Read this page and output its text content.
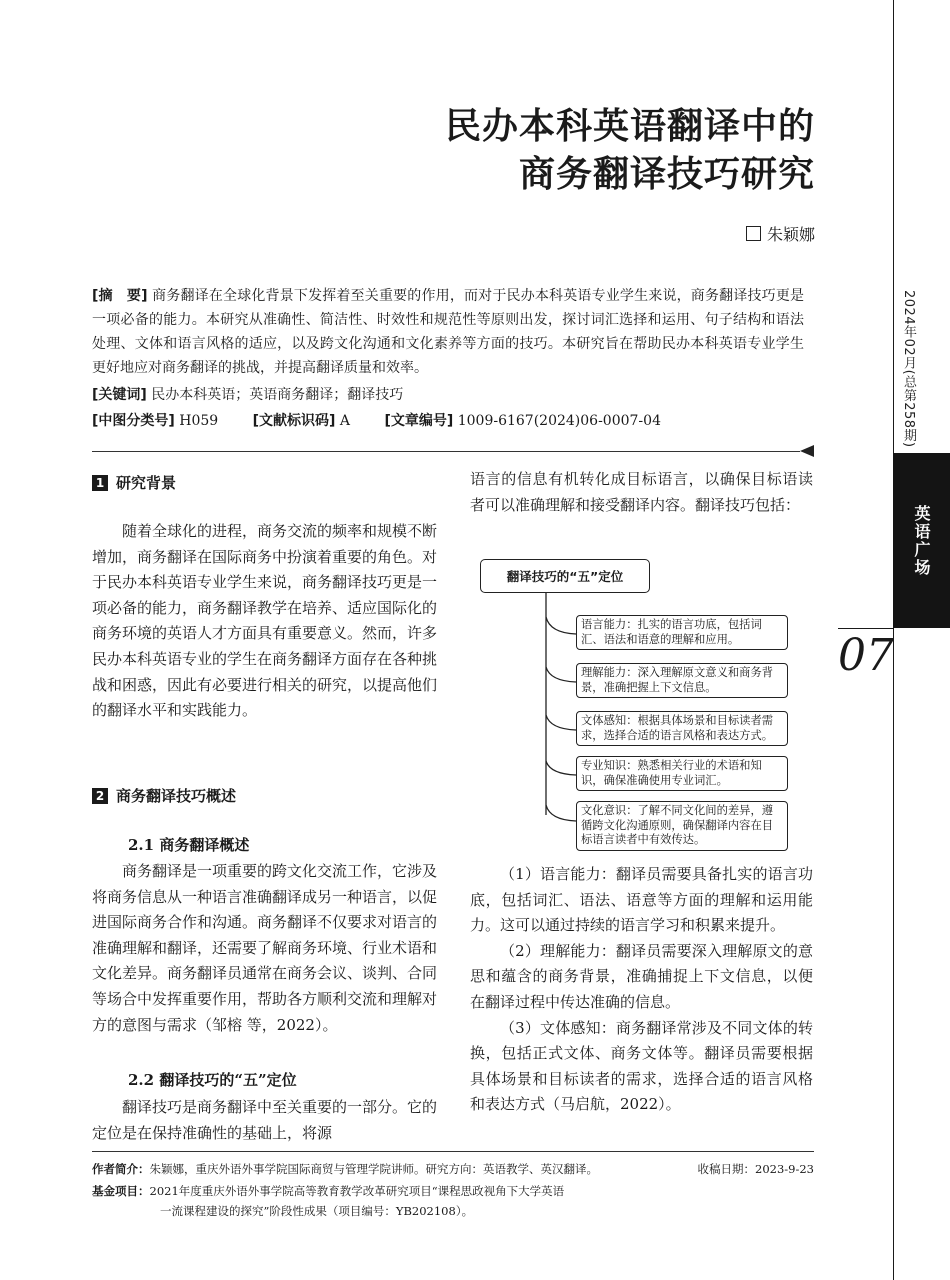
2024年02月(总第258期)
英语广场
07
民办本科英语翻译中的
商务翻译技巧研究
朱颖娜
[摘　要] 商务翻译在全球化背景下发挥着至关重要的作用，而对于民办本科英语专业学生来说，商务翻译技巧更是一项必备的能力。本研究从准确性、简洁性、时效性和规范性等原则出发，探讨词汇选择和运用、句子结构和语法处理、文体和语言风格的适应，以及跨文化沟通和文化素养等方面的技巧。本研究旨在帮助民办本科英语专业学生更好地应对商务翻译的挑战，并提高翻译质量和效率。
[关键词] 民办本科英语；英语商务翻译；翻译技巧
[中图分类号] H059 [文献标识码] A [文章编号] 1009-6167(2024)06-0007-04
1 研究背景

随着全球化的进程，商务交流的频率和规模不断增加，商务翻译在国际商务中扮演着重要的角色。对于民办本科英语专业学生来说，商务翻译技巧更是一项必备的能力，商务翻译教学在培养、适应国际化的商务环境的英语人才方面具有重要意义。然而，许多民办本科英语专业的学生在商务翻译方面存在各种挑战和困惑，因此有必要进行相关的研究，以提高他们的翻译水平和实践能力。

2 商务翻译技巧概述
2.1 商务翻译概述

商务翻译是一项重要的跨文化交流工作，它涉及将商务信息从一种语言准确翻译成另一种语言，以促进国际商务合作和沟通。商务翻译不仅要求对语言的准确理解和翻译，还需要了解商务环境、行业术语和文化差异。商务翻译员通常在商务会议、谈判、合同等场合中发挥重要作用，帮助各方顺利交流和理解对方的意图与需求（邹榕 等，2022）。

2.2 翻译技巧的“五”定位

翻译技巧是商务翻译中至关重要的一部分。它的定位是在保持准确性的基础上，将源

语言的信息有机转化成目标语言，以确保目标语读者可以准确理解和接受翻译内容。翻译技巧包括：

翻译技巧的“五”定位
语言能力：扎实的语言功底，包括词汇、语法和语意的理解和应用。
理解能力：深入理解原文意义和商务背景，准确把握上下文信息。
文体感知：根据具体场景和目标读者需求，选择合适的语言风格和表达方式。
专业知识：熟悉相关行业的术语和知识，确保准确使用专业词汇。
文化意识：了解不同文化间的差异，遵循跨文化沟通原则，确保翻译内容在目标语言读者中有效传达。

（1）语言能力：翻译员需要具备扎实的语言功底，包括词汇、语法、语意等方面的理解和运用能力。这可以通过持续的语言学习和积累来提升。

（2）理解能力：翻译员需要深入理解原文的意思和蕴含的商务背景，准确捕捉上下文信息，以便在翻译过程中传达准确的信息。

（3）文体感知：商务翻译常涉及不同文体的转换，包括正式文体、商务文体等。翻译员需要根据具体场景和目标读者的需求，选择合适的语言风格和表达方式（马启航，2022）。

作者简介：朱颖娜，重庆外语外事学院国际商贸与管理学院讲师。研究方向：英语教学、英汉翻译。	收稿日期：2023-9-23
基金项目：2021年度重庆外语外事学院高等教育教学改革研究项目“课程思政视角下大学英语
一流课程建设的探究”阶段性成果（项目编号：YB202108）。
